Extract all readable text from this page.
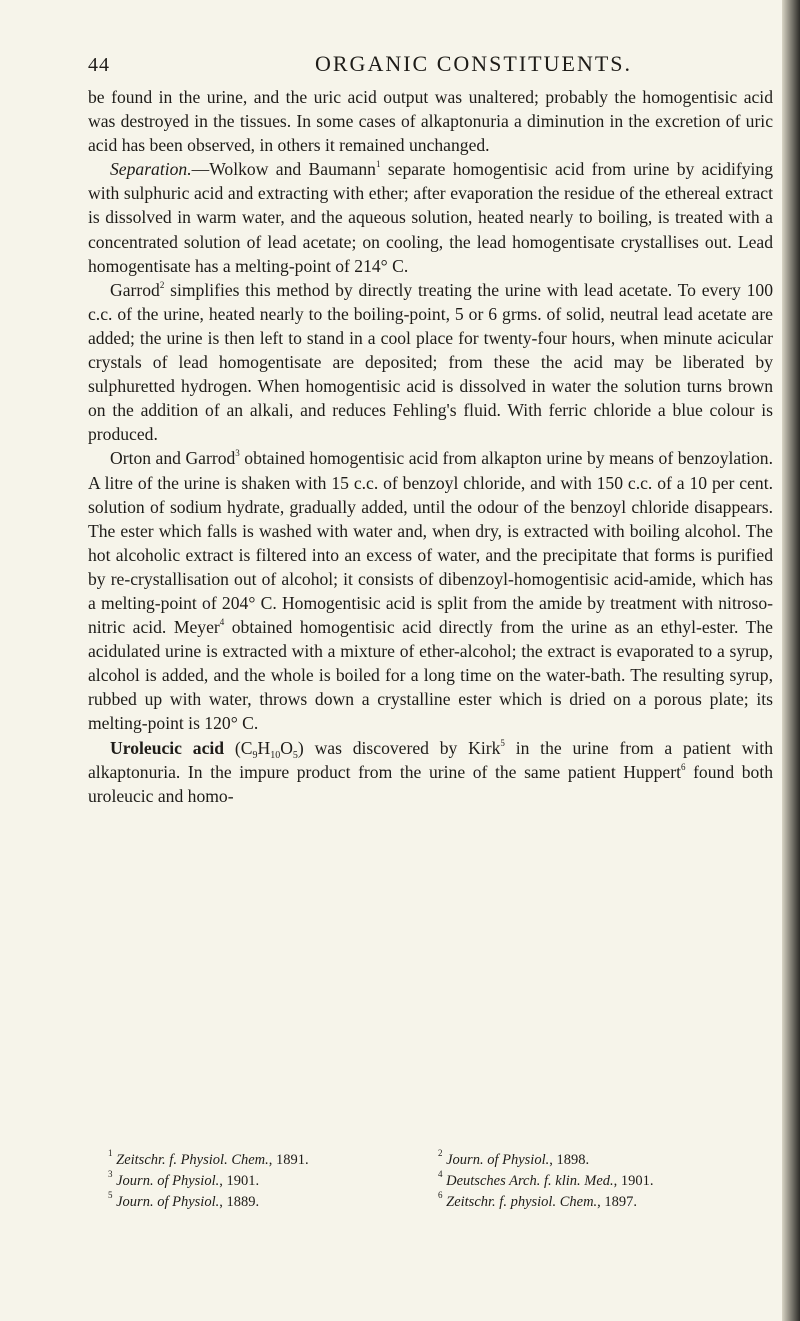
44	ORGANIC CONSTITUENTS.

be found in the urine, and the uric acid output was unaltered; probably the homogentisic acid was destroyed in the tissues. In some cases of alkaptonuria a diminution in the excretion of uric acid has been observed, in others it remained unchanged.

Separation.—Wolkow and Baumann$^1$ separate homogentisic acid from urine by acidifying with sulphuric acid and extracting with ether; after evaporation the residue of the ethereal extract is dissolved in warm water, and the aqueous solution, heated nearly to boiling, is treated with a concentrated solution of lead acetate; on cooling, the lead homogentisate crystallises out. Lead homogentisate has a melting-point of 214° C.

Garrod$^2$ simplifies this method by directly treating the urine with lead acetate. To every 100 c.c. of the urine, heated nearly to the boiling-point, 5 or 6 grms. of solid, neutral lead acetate are added; the urine is then left to stand in a cool place for twenty-four hours, when minute acicular crystals of lead homogentisate are deposited; from these the acid may be liberated by sulphuretted hydrogen. When homogentisic acid is dissolved in water the solution turns brown on the addition of an alkali, and reduces Fehling's fluid. With ferric chloride a blue colour is produced.

Orton and Garrod$^3$ obtained homogentisic acid from alkapton urine by means of benzoylation. A litre of the urine is shaken with 15 c.c. of benzoyl chloride, and with 150 c.c. of a 10 per cent. solution of sodium hydrate, gradually added, until the odour of the benzoyl chloride disappears. The ester which falls is washed with water and, when dry, is extracted with boiling alcohol. The hot alcoholic extract is filtered into an excess of water, and the precipitate that forms is purified by re-crystallisation out of alcohol; it consists of dibenzoyl-homogentisic acid-amide, which has a melting-point of 204° C. Homogentisic acid is split from the amide by treatment with nitroso-nitric acid. Meyer$^4$ obtained homogentisic acid directly from the urine as an ethyl-ester. The acidulated urine is extracted with a mixture of ether-alcohol; the extract is evaporated to a syrup, alcohol is added, and the whole is boiled for a long time on the water-bath. The resulting syrup, rubbed up with water, throws down a crystalline ester which is dried on a porous plate; its melting-point is 120° C.

Uroleucic acid $(C_9H_{10}O_5)$ was discovered by Kirk$^5$ in the urine from a patient with alkaptonuria. In the impure product from the urine of the same patient Huppert$^6$ found both uroleucic and homo-

$^1$ Zeitschr. f. Physiol. Chem., 1891.	$^2$ Journ. of Physiol., 1898.
$^3$ Journ. of Physiol., 1901.	$^4$ Deutsches Arch. f. klin. Med., 1901.
$^5$ Journ. of Physiol., 1889.	$^6$ Zeitschr. f. physiol. Chem., 1897.
